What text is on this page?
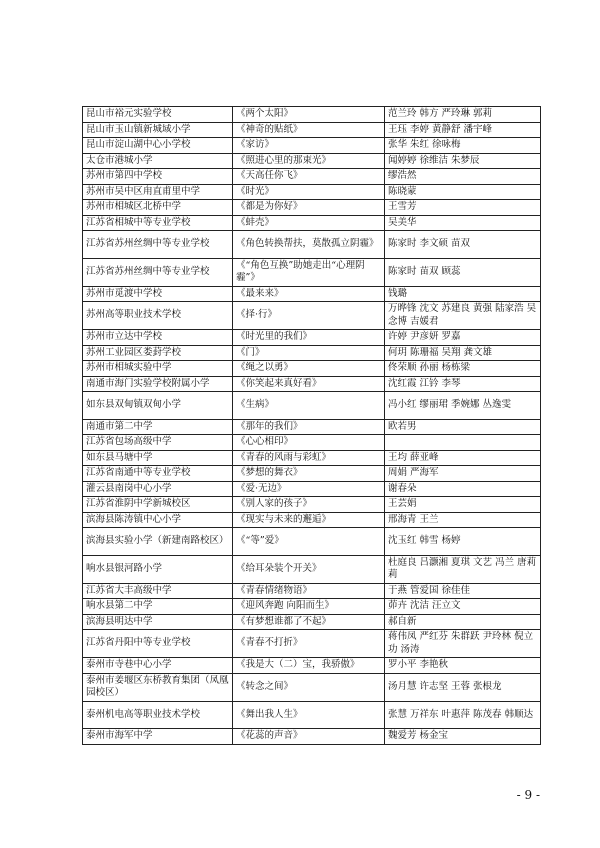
昆山市裕元实验学校	《两个太阳》	范兰玲 韩方 严玲琳 郭莉
昆山市玉山镇新城域小学	《神奇的贴纸》	王珏 李婷 黄静舒 潘宇峰
昆山市淀山湖中心小学校	《家访》	张华 朱红 徐咏梅
太仓市港城小学	《照进心里的那束光》	闻婷婷 徐维洁 朱梦辰
苏州市第四中学校	《天高任你飞》	缪浩然
苏州市吴中区甪直甫里中学	《时光》	陈晓蒙
苏州市相城区北桥中学	《都是为你好》	王雪芳
江苏省相城中等专业学校	《蚌壳》	吴美华
江苏省苏州丝绸中等专业学校	《角色转换帮扶，莫散孤立阴霾》	陈家时 李文硕 苗双
江苏省苏州丝绸中等专业学校	《“角色互换”助她走出“心理阴霾”》	陈家时 苗双 顾蕊
苏州市觅渡中学校	《最来来》	钱璐
苏州高等职业技术学校	《择·行》	万晔锋 沈文 苏建良 黄强 陆家浩 吴念博 吉媛君
苏州市立达中学校	《时光里的我们》	许婷 尹彦妍 罗嘉
苏州工业园区娄葑学校	《门》	何玥 陈珊福 吴翔 龚文雄
苏州市相城实验中学	《绳之以勇》	佟荣顺 孙丽 杨栋梁
南通市海门实验学校附属小学	《你笑起来真好看》	沈红霞 江钤 李琴
如东县双甸镇双甸小学	《生病》	冯小红 缪丽珺 季婉娜 丛逸雯
南通市第二中学	《那年的我们》	欧若男
江苏省包场高级中学	《心心相印》	
如东县马塘中学	《青春的风雨与彩虹》	王均 薛亚峰
江苏省南通中等专业学校	《梦想的舞衣》	周娟 严海军
灌云县南岗中心小学	《爱·无边》	谢春朵
江苏省淮阴中学新城校区	《别人家的孩子》	王芸娟
滨海县陈涛镇中心小学	《现实与未来的邂逅》	邢海青 王兰
滨海县实验小学（新建南路校区）	《“等”爱》	沈玉红 韩雪 杨婷
响水县银河路小学	《给耳朵装个开关》	杜庭良 吕灏湘 夏琪 文艺 冯兰 唐莉莉
江苏省大丰高级中学	《青春情绪物语》	于燕 管爱国 徐佳佳
响水县第二中学	《迎风奔跑 向阳而生》	茆卉 沈洁 汪立文
滨海县明达中学	《有梦想谁都了不起》	郝自新
江苏省丹阳中等专业学校	《青春不打折》	蒋伟凤 严红芬 朱群跃 尹玲林 倪立功 汤涛
泰州市寺巷中心小学	《我是大（二）宝，我骄傲》	罗小平 李艳秋
泰州市姜堰区东桥教育集团（凤凰园校区）	《转念之间》	汤月慧 许志坚 王蓉 张根龙
泰州机电高等职业技术学校	《舞出我人生》	张慧 万祥东 叶惠萍 陈茂春 韩顺达
泰州市海军中学	《花蕊的声音》	魏爱芳 杨金宝
- 9 -
